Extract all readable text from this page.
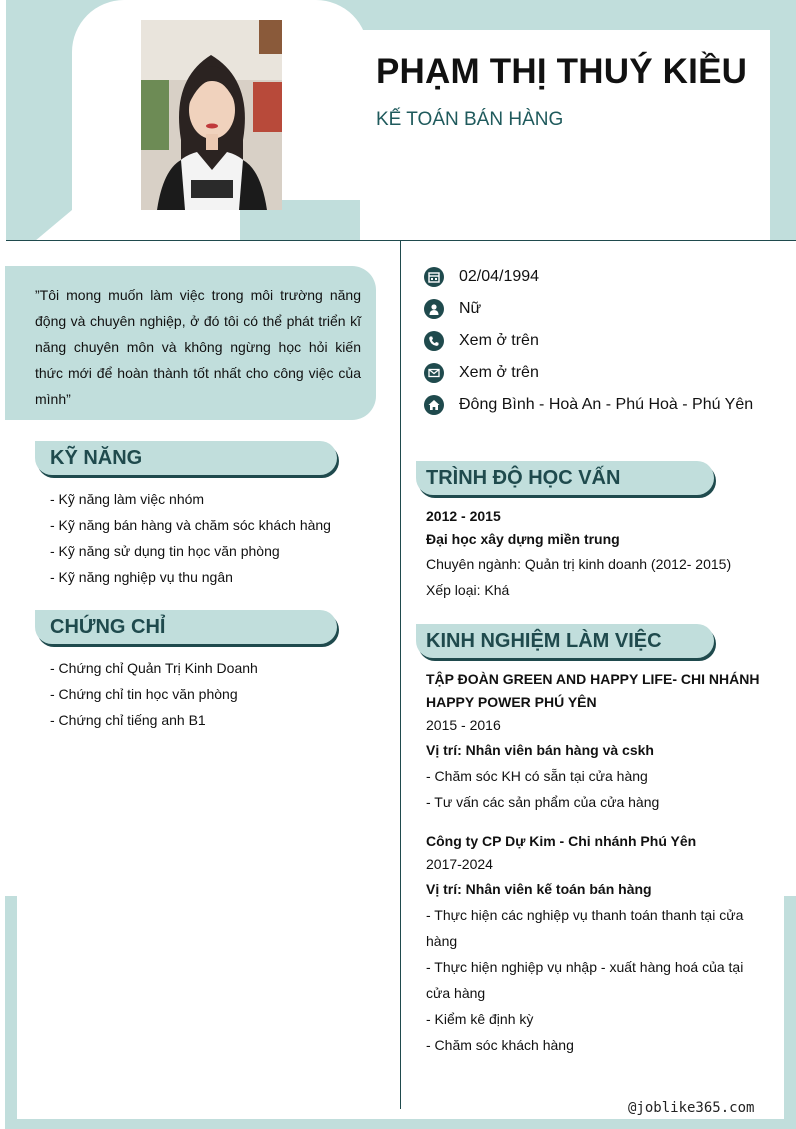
PHẠM THỊ THUÝ KIỀU
KẾ TOÁN BÁN HÀNG
”Tôi mong muốn làm việc trong môi trường năng động và chuyên nghiệp, ở đó tôi có thể phát triển kĩ năng chuyên môn và không ngừng học hỏi kiến thức mới để hoàn thành tốt nhất cho công việc của mình”
KỸ NĂNG
- Kỹ năng làm việc nhóm
- Kỹ năng bán hàng và chăm sóc khách hàng
- Kỹ năng sử dụng tin học văn phòng
- Kỹ năng nghiệp vụ thu ngân
CHỨNG CHỈ
- Chứng chỉ Quản Trị Kinh Doanh
- Chứng chỉ tin học văn phòng
- Chứng chỉ tiếng anh B1
02/04/1994
Nữ
Xem ở trên
Xem ở trên
Đông Bình - Hoà An - Phú Hoà - Phú Yên
TRÌNH ĐỘ HỌC VẤN
2012 - 2015
Đại học xây dựng miền trung
Chuyên ngành: Quản trị kinh doanh (2012- 2015)
Xếp loại: Khá
KINH NGHIỆM LÀM VIỆC
TẬP ĐOÀN GREEN AND HAPPY LIFE- CHI NHÁNH
HAPPY POWER PHÚ YÊN
2015 - 2016
Vị trí: Nhân viên bán hàng và cskh
- Chăm sóc KH có sẵn tại cửa hàng
- Tư vấn các sản phẩm của cửa hàng
Công ty CP Dự Kim - Chi nhánh Phú Yên
2017-2024
Vị trí: Nhân viên kế toán bán hàng
- Thực hiện các nghiệp vụ thanh toán thanh tại cửa
hàng
- Thực hiện nghiệp vụ nhập - xuất hàng hoá của tại
cửa hàng
- Kiểm kê định kỳ
- Chăm sóc khách hàng
@joblike365.com
